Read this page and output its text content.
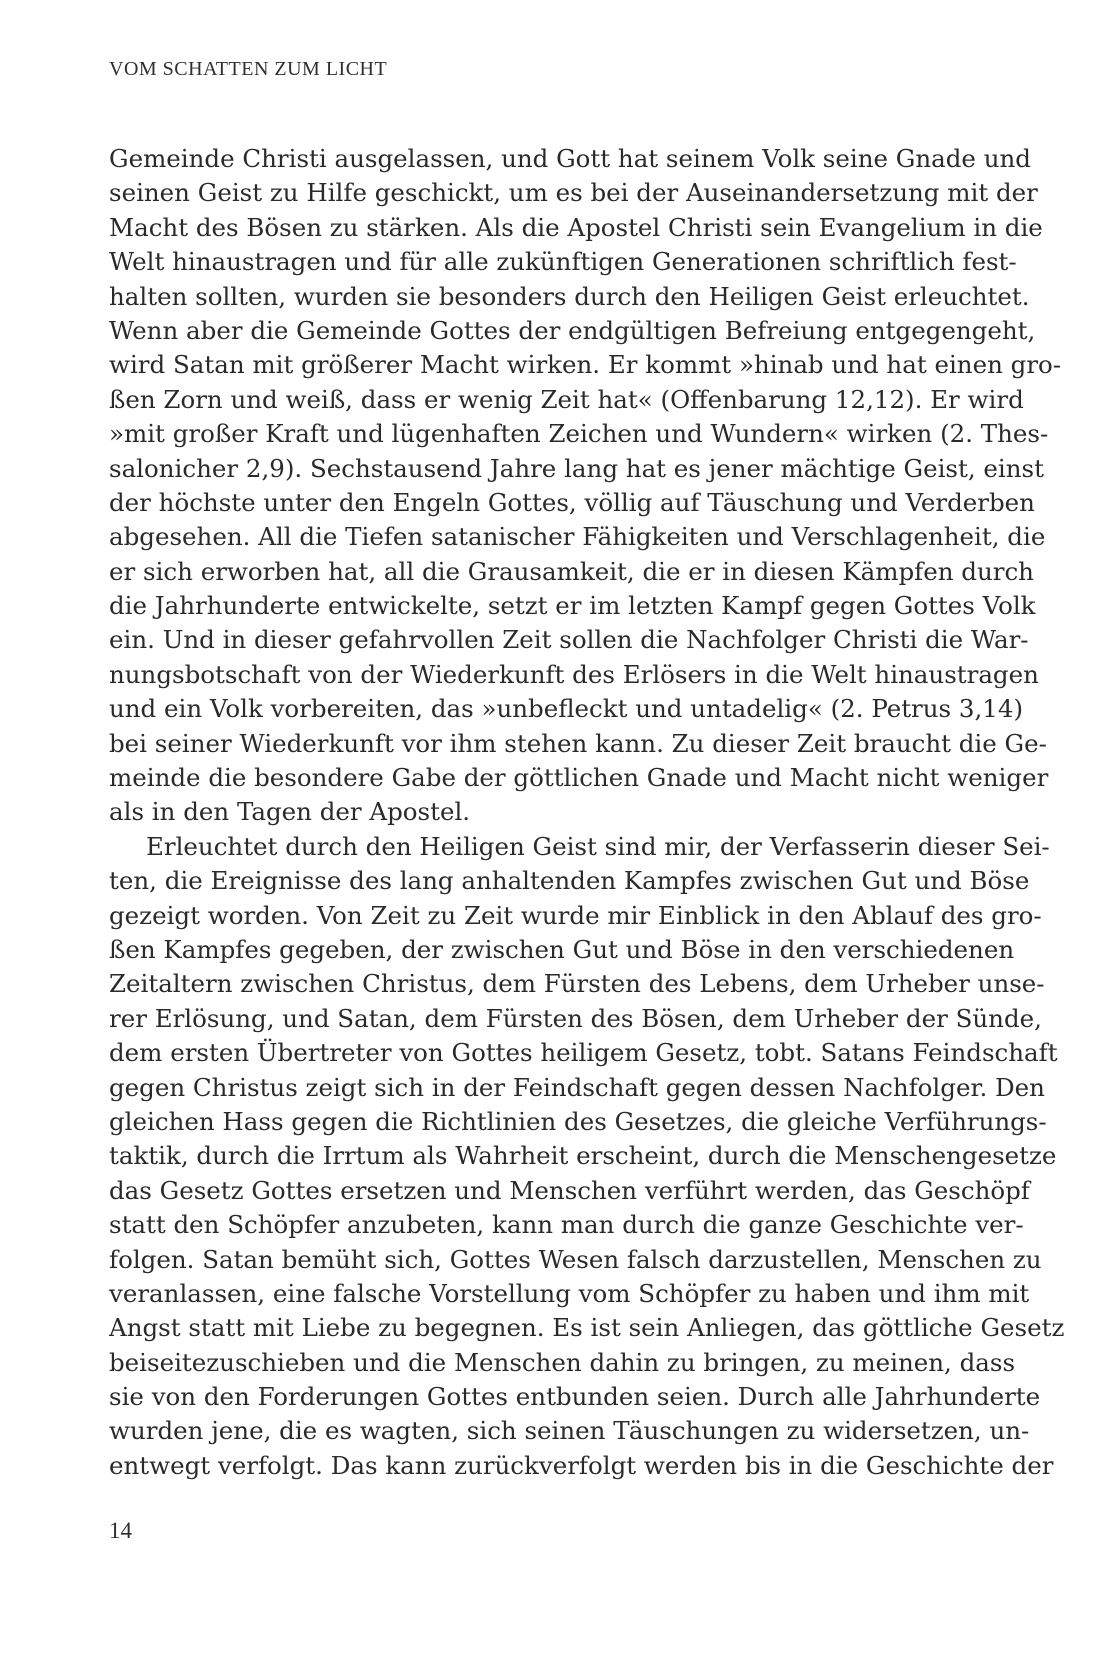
VOM SCHATTEN ZUM LICHT
Gemeinde Christi ausgelassen, und Gott hat seinem Volk seine Gnade und
seinen Geist zu Hilfe geschickt, um es bei der Auseinandersetzung mit der
Macht des Bösen zu stärken. Als die Apostel Christi sein Evangelium in die
Welt hinaustragen und für alle zukünftigen Generationen schriftlich fest-
halten sollten, wurden sie besonders durch den Heiligen Geist erleuchtet.
Wenn aber die Gemeinde Gottes der endgültigen Befreiung entgegengeht,
wird Satan mit größerer Macht wirken. Er kommt »hinab und hat einen gro-
ßen Zorn und weiß, dass er wenig Zeit hat« (Offenbarung 12,12). Er wird
»mit großer Kraft und lügenhaften Zeichen und Wundern« wirken (2. Thes-
salonicher 2,9). Sechstausend Jahre lang hat es jener mächtige Geist, einst
der höchste unter den Engeln Gottes, völlig auf Täuschung und Verderben
abgesehen. All die Tiefen satanischer Fähigkeiten und Verschlagenheit, die
er sich erworben hat, all die Grausamkeit, die er in diesen Kämpfen durch
die Jahrhunderte entwickelte, setzt er im letzten Kampf gegen Gottes Volk
ein. Und in dieser gefahrvollen Zeit sollen die Nachfolger Christi die War-
nungsbotschaft von der Wiederkunft des Erlösers in die Welt hinaustragen
und ein Volk vorbereiten, das »unbefleckt und untadelig« (2. Petrus 3,14)
bei seiner Wiederkunft vor ihm stehen kann. Zu dieser Zeit braucht die Ge-
meinde die besondere Gabe der göttlichen Gnade und Macht nicht weniger
als in den Tagen der Apostel.
Erleuchtet durch den Heiligen Geist sind mir, der Verfasserin dieser Sei-
ten, die Ereignisse des lang anhaltenden Kampfes zwischen Gut und Böse
gezeigt worden. Von Zeit zu Zeit wurde mir Einblick in den Ablauf des gro-
ßen Kampfes gegeben, der zwischen Gut und Böse in den verschiedenen
Zeitaltern zwischen Christus, dem Fürsten des Lebens, dem Urheber unse-
rer Erlösung, und Satan, dem Fürsten des Bösen, dem Urheber der Sünde,
dem ersten Übertreter von Gottes heiligem Gesetz, tobt. Satans Feindschaft
gegen Christus zeigt sich in der Feindschaft gegen dessen Nachfolger. Den
gleichen Hass gegen die Richtlinien des Gesetzes, die gleiche Verführungs-
taktik, durch die Irrtum als Wahrheit erscheint, durch die Menschengesetze
das Gesetz Gottes ersetzen und Menschen verführt werden, das Geschöpf
statt den Schöpfer anzubeten, kann man durch die ganze Geschichte ver-
folgen. Satan bemüht sich, Gottes Wesen falsch darzustellen, Menschen zu
veranlassen, eine falsche Vorstellung vom Schöpfer zu haben und ihm mit
Angst statt mit Liebe zu begegnen. Es ist sein Anliegen, das göttliche Gesetz
beiseitezuschieben und die Menschen dahin zu bringen, zu meinen, dass
sie von den Forderungen Gottes entbunden seien. Durch alle Jahrhunderte
wurden jene, die es wagten, sich seinen Täuschungen zu widersetzen, un-
entwegt verfolgt. Das kann zurückverfolgt werden bis in die Geschichte der
14
